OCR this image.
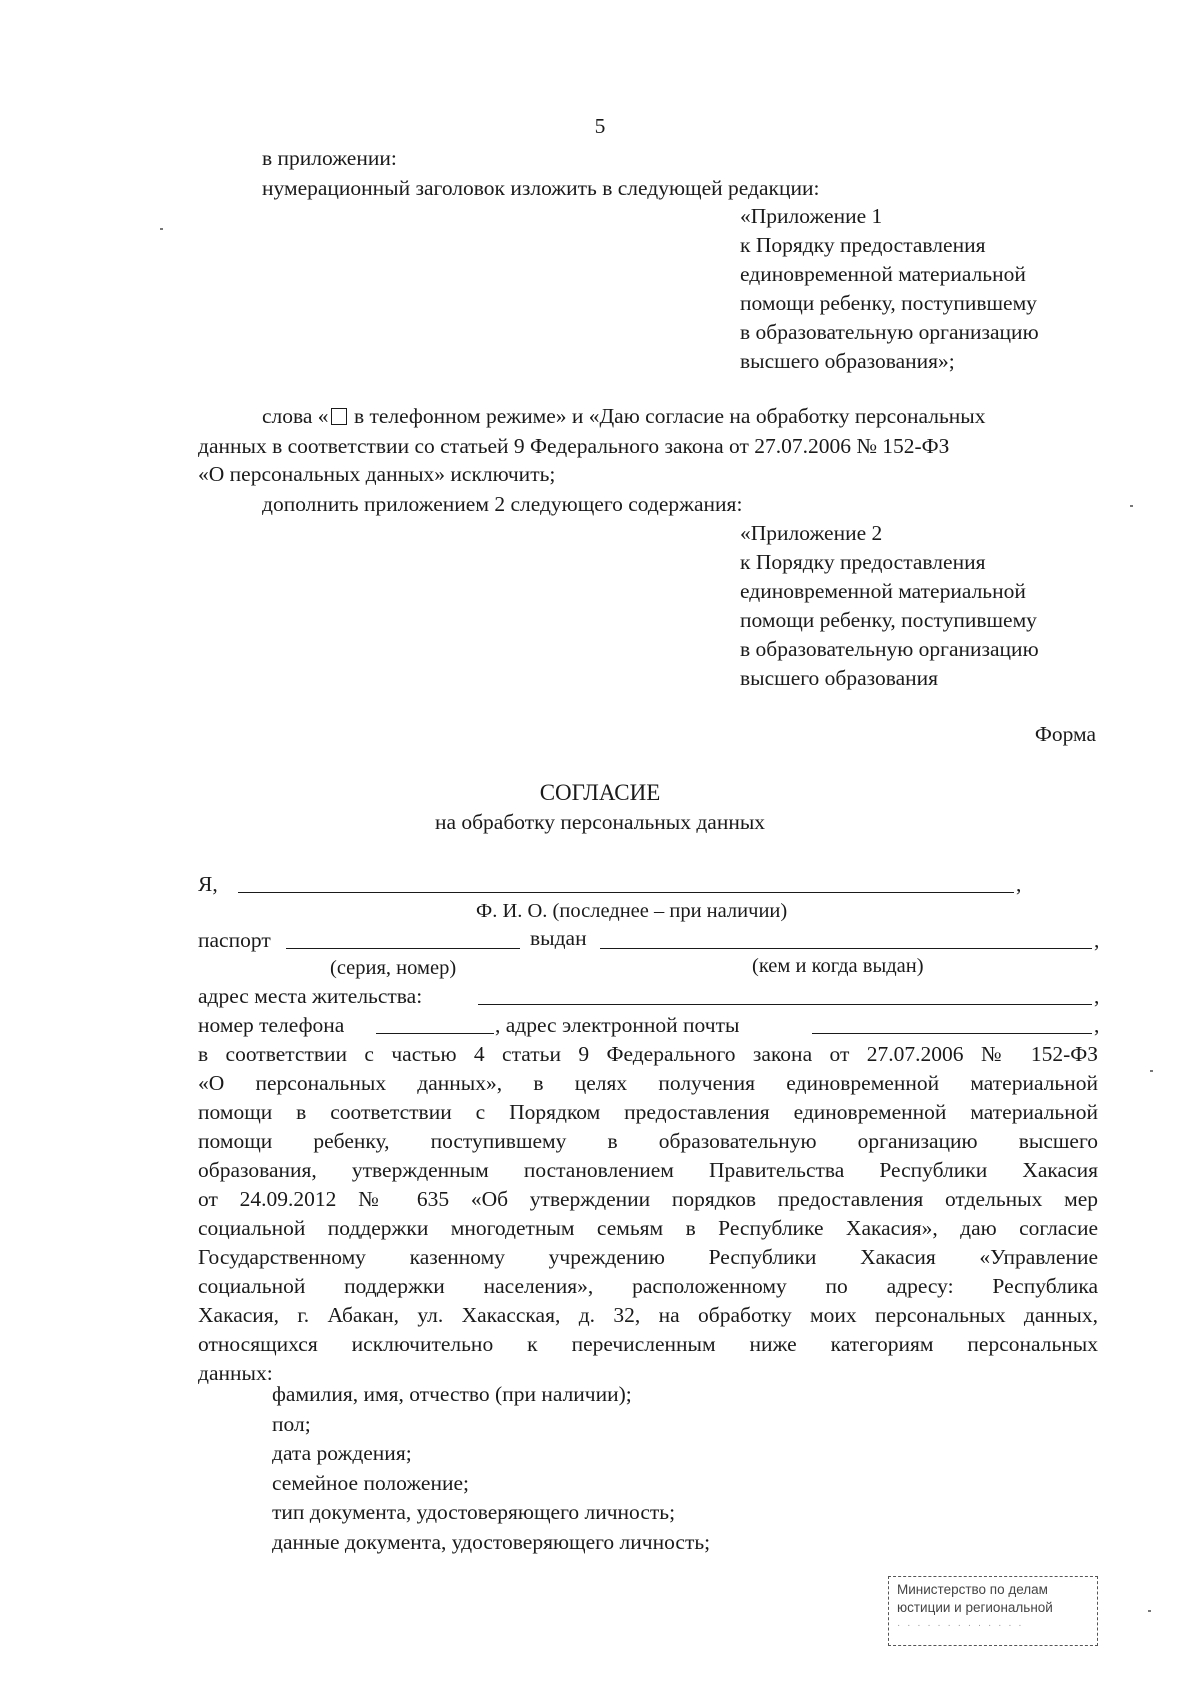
5
в приложении:
нумерационный заголовок изложить в следующей редакции:
«Приложение 1
к Порядку предоставления
единовременной материальной
помощи ребенку, поступившему
в образовательную организацию
высшего образования»;
слова « в телефонном режиме» и «Даю согласие на обработку персональных
данных в соответствии со статьей 9 Федерального закона от 27.07.2006 № 152-ФЗ
«О персональных данных» исключить;
дополнить приложением 2 следующего содержания:
«Приложение 2
к Порядку предоставления
единовременной материальной
помощи ребенку, поступившему
в образовательную организацию
высшего образования
Форма
СОГЛАСИЕ
на обработку персональных данных
Я,	,
Ф. И. О. (последнее – при наличии)
паспорт	выдан	,
(серия, номер)	(кем и когда выдан)
адрес места жительства:	,
номер телефона	, адрес электронной почты	,
в соответствии с частью 4 статьи 9 Федерального закона от 27.07.2006 № 152-ФЗ
«О персональных данных», в целях получения единовременной материальной
помощи в соответствии с Порядком предоставления единовременной материальной
помощи ребенку, поступившему в образовательную организацию высшего
образования, утвержденным постановлением Правительства Республики Хакасия
от 24.09.2012 № 635 «Об утверждении порядков предоставления отдельных мер
социальной поддержки многодетным семьям в Республике Хакасия», даю согласие
Государственному казенному учреждению Республики Хакасия «Управление
социальной поддержки населения», расположенному по адресу: Республика
Хакасия, г. Абакан, ул. Хакасская, д. 32, на обработку моих персональных данных,
относящихся исключительно к перечисленным ниже категориям персональных
данных:
фамилия, имя, отчество (при наличии);
пол;
дата рождения;
семейное положение;
тип документа, удостоверяющего личность;
данные документа, удостоверяющего личность;
Министерство по делам
юстиции и региональной
· · · · · · · · · · · · ·
